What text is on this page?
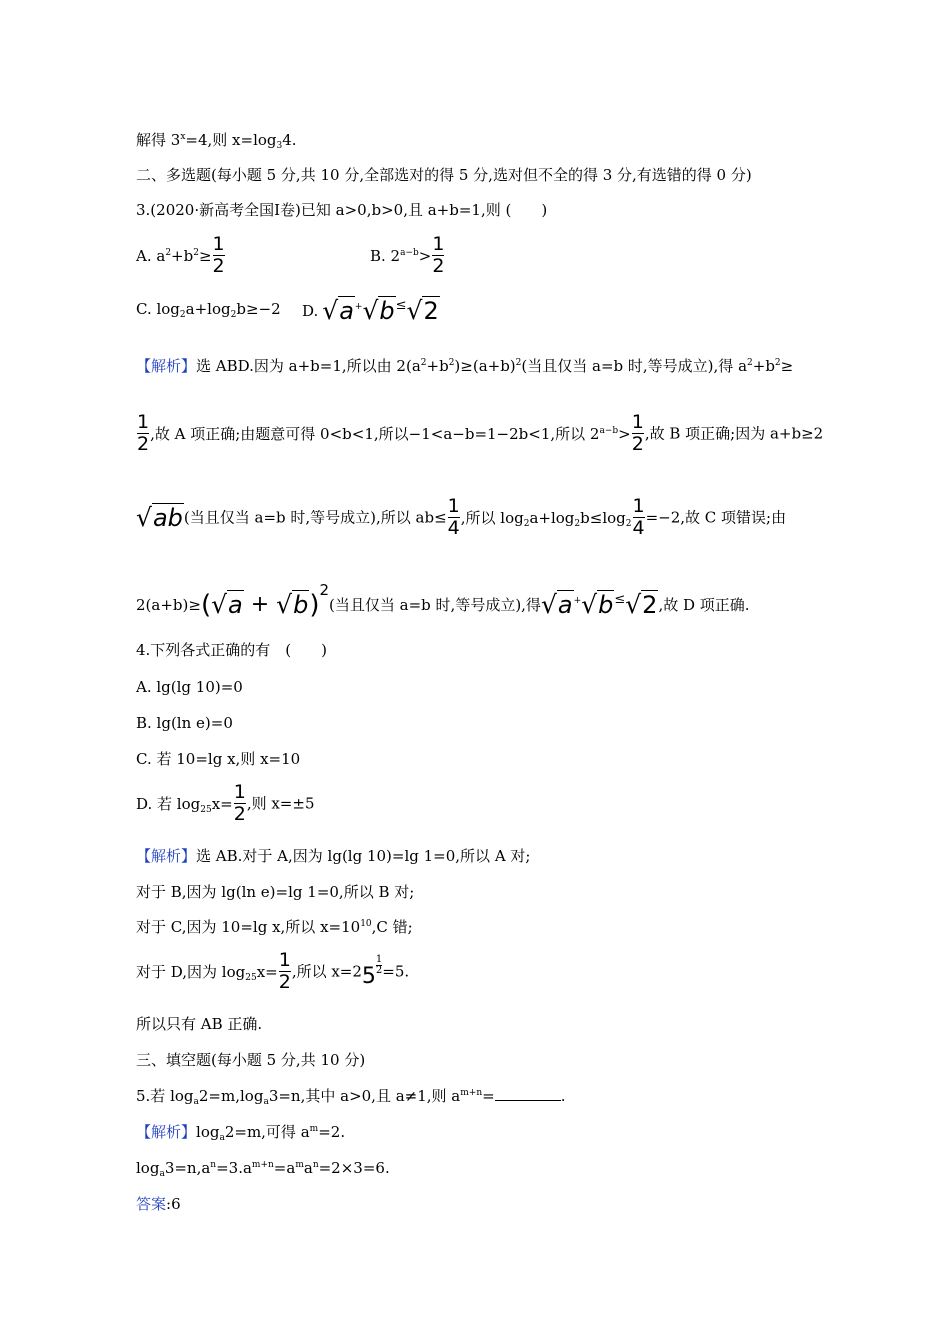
解得 $3^x=4$,则 $x=\log_34$.
二、多选题(每小题 5 分,共 10 分,全部选对的得 5 分,选对但不全的得 3 分,有选错的得 0 分)
3.(2020·新高考全国Ⅰ卷)已知 a>0,b>0,且 a+b=1,则 (　　)
A. $a^2+b^2\ge \frac{1}{2}$	B. $2^{a-b}> \frac{1}{2}$
C. $\log_2a+\log_2b\ge-2$ D. √a+√b≤√2
【解析】选 ABD.因为 a+b=1,所以由 $2(a^2+b^2)\ge(a+b)^2$(当且仅当 a=b 时,等号成立),得 $a^2+b^2\ge$
$\frac{1}{2}$ ,故 A 项正确;由题意可得 0<b<1,所以−1<a−b=1−2b<1,所以 $2^{a-b}> \frac{1}{2}$ ,故 B 项正确;因为 a+b≥2
√ab(当且仅当 a=b 时,等号成立),所以 $ab\le \frac{1}{4}$ ,所以 $\log_2a+\log_2b\le\log_2 \frac{1}{4} =-2$,故 C 项错误;由
2(a+b)≥(√a + √b)2(当且仅当 a=b 时,等号成立),得√a+√b≤√2,故 D 项正确.
4.下列各式正确的有　(　　)
A. lg(lg 10)=0
B. lg(ln e)=0
C. 若 10=lg x,则 x=10
D. 若 $\log_{25}x= \frac{1}{2}$ ,则 x=±5
【解析】选 AB.对于 A,因为 lg(lg 10)=lg 1=0,所以 A 对;
对于 B,因为 lg(ln e)=lg 1=0,所以 B 对;
对于 C,因为 10=lg x,所以 $x=10^{10},C$ 错;
对于 D,因为 $\log_{25}x= \frac{1}{2}$ ,所以 $x=25 \frac{1}{2} =5$.
所以只有 AB 正确.
三、填空题(每小题 5 分,共 10 分)
5.若 $\log_a2=m,\log_a3=n$,其中 a>0,且 a≠1,则 $a^{m+n}=$	.
【解析】$\log_a2=m$,可得 $a^m=2$.
$\log_a3=n,a^n=3.a^{m+n}=a^ma^n=2\times 3=6$.
答案:6
